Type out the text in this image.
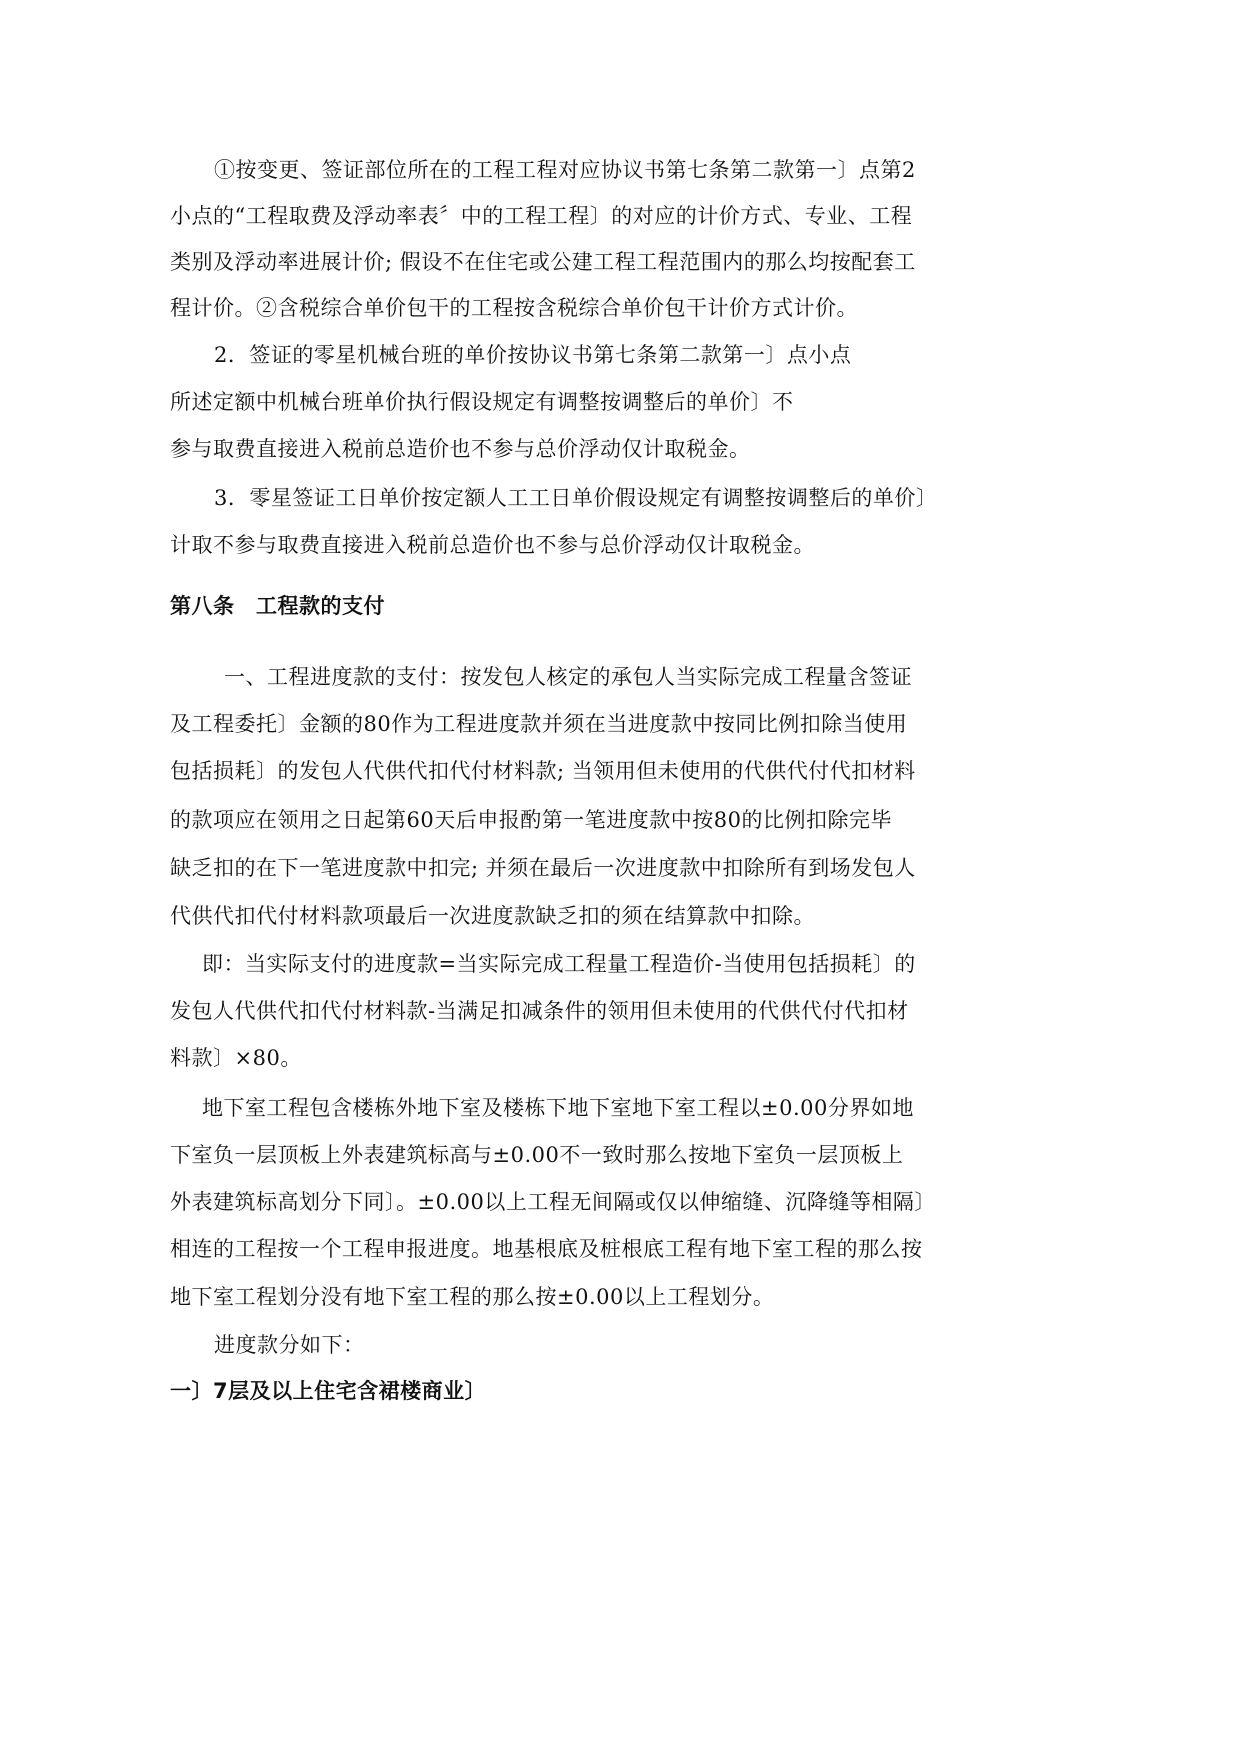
①按变更、签证部位所在的工程工程对应协议书第七条第二款第一〕点第2
小点的“工程取费及浮动率表〞中的工程工程〕的对应的计价方式、专业、工程
类别及浮动率进展计价; 假设不在住宅或公建工程工程范围内的那么均按配套工
程计价。②含税综合单价包干的工程按含税综合单价包干计价方式计价。
2．签证的零星机械台班的单价按协议书第七条第二款第一〕点小点
所述定额中机械台班单价执行假设规定有调整按调整后的单价〕不
参与取费直接进入税前总造价也不参与总价浮动仅计取税金。
3．零星签证工日单价按定额人工工日单价假设规定有调整按调整后的单价〕
计取不参与取费直接进入税前总造价也不参与总价浮动仅计取税金。
第八条　工程款的支付
一、工程进度款的支付：按发包人核定的承包人当实际完成工程量含签证
及工程委托〕金额的80作为工程进度款并须在当进度款中按同比例扣除当使用
包括损耗〕的发包人代供代扣代付材料款; 当领用但未使用的代供代付代扣材料
的款项应在领用之日起第60天后申报酌第一笔进度款中按80的比例扣除完毕
缺乏扣的在下一笔进度款中扣完; 并须在最后一次进度款中扣除所有到场发包人
代供代扣代付材料款项最后一次进度款缺乏扣的须在结算款中扣除。
即：当实际支付的进度款=当实际完成工程量工程造价-当使用包括损耗〕的
发包人代供代扣代付材料款-当满足扣减条件的领用但未使用的代供代付代扣材
料款〕×80。
地下室工程包含楼栋外地下室及楼栋下地下室地下室工程以±0.00分界如地
下室负一层顶板上外表建筑标高与±0.00不一致时那么按地下室负一层顶板上
外表建筑标高划分下同〕。±0.00以上工程无间隔或仅以伸缩缝、沉降缝等相隔〕
相连的工程按一个工程申报进度。地基根底及桩根底工程有地下室工程的那么按
地下室工程划分没有地下室工程的那么按±0.00以上工程划分。
进度款分如下：
一〕7层及以上住宅含裙楼商业〕
